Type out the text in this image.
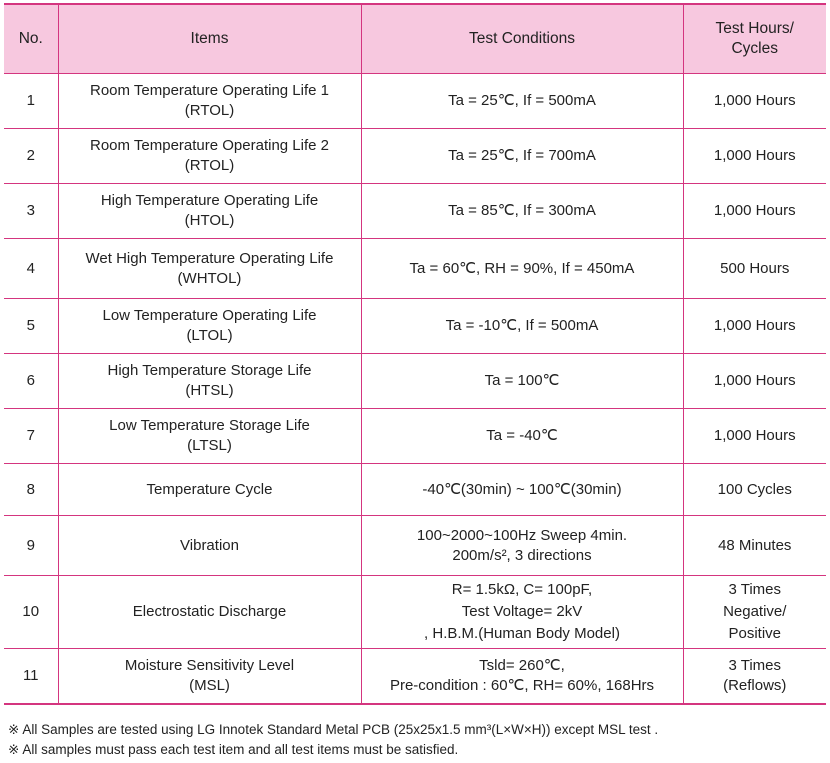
No.	Items	Test Conditions	Test Hours/
Cycles

1	Room Temperature Operating Life 1
(RTOL)	Ta = 25℃, If = 500mA	1,000 Hours

2	Room Temperature Operating Life 2
(RTOL)	Ta = 25℃, If = 700mA	1,000 Hours

3	High Temperature Operating Life
(HTOL)	Ta = 85℃, If = 300mA	1,000 Hours

4	Wet High Temperature Operating Life
(WHTOL)	Ta = 60℃, RH = 90%, If = 450mA	500 Hours

5	Low Temperature Operating Life
(LTOL)	Ta = -10℃, If = 500mA	1,000 Hours

6	High Temperature Storage Life
(HTSL)	Ta = 100℃	1,000 Hours

7	Low Temperature Storage Life
(LTSL)	Ta = -40℃	1,000 Hours

8	Temperature Cycle	-40℃(30min) ~ 100℃(30min)	100 Cycles

9	Vibration	100~2000~100Hz Sweep 4min.
200m/s², 3 directions	48 Minutes

10	Electrostatic Discharge	R= 1.5kΩ, C= 100pF,
Test Voltage= 2kV
, H.B.M.(Human Body Model)	3 Times
Negative/
Positive

11	Moisture Sensitivity Level
(MSL)	Tsld= 260℃,
Pre-condition : 60℃, RH= 60%, 168Hrs	3 Times
(Reflows)
※ All Samples are tested using LG Innotek Standard Metal PCB (25x25x1.5 mm³(L×W×H)) except MSL test .
※ All samples must pass each test item and all test items must be satisfied.
